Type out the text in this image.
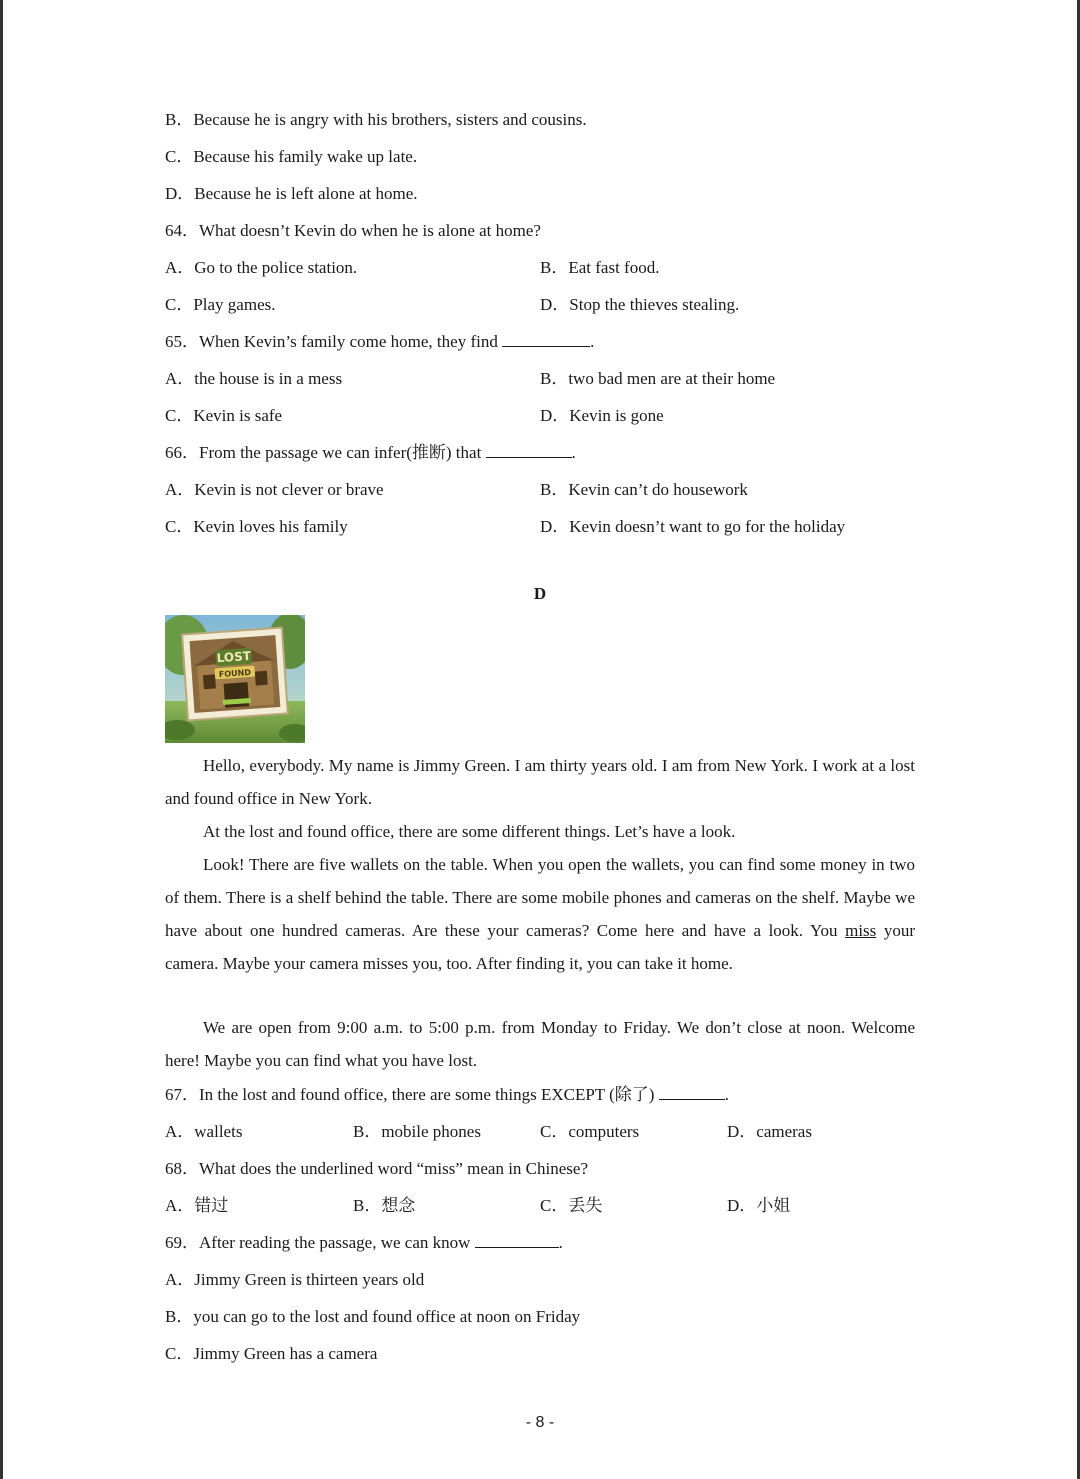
B．Because he is angry with his brothers, sisters and cousins.
C．Because his family wake up late.
D．Because he is left alone at home.
64．What doesn’t Kevin do when he is alone at home?
A．Go to the police station.	B．Eat fast food.
C．Play games.	D．Stop the thieves stealing.
65．When Kevin’s family come home, they find	.
A．the house is in a mess	B．two bad men are at their home
C．Kevin is safe	D．Kevin is gone
66．From the passage we can infer(推断) that	.
A．Kevin is not clever or brave	B．Kevin can’t do housework
C．Kevin loves his family	D．Kevin doesn’t want to go for the holiday
D
LOST
FOUND
Hello, everybody. My name is Jimmy Green. I am thirty years old. I am from New York. I work at a lost and found office in New York.
At the lost and found office, there are some different things. Let’s have a look.
Look! There are five wallets on the table. When you open the wallets, you can find some money in two of them. There is a shelf behind the table. There are some mobile phones and cameras on the shelf. Maybe we have about one hundred cameras. Are these your cameras? Come here and have a look. You miss your camera. Maybe your camera misses you, too. After finding it, you can take it home.
We are open from 9:00 a.m. to 5:00 p.m. from Monday to Friday. We don’t close at noon. Welcome here! Maybe you can find what you have lost.
67．In the lost and found office, there are some things EXCEPT (除了)	.
A．wallets	B．mobile phones	C．computers	D．cameras
68．What does the underlined word “miss” mean in Chinese?
A．错过	B．想念	C．丢失	D．小姐
69．After reading the passage, we can know	.
A．Jimmy Green is thirteen years old
B．you can go to the lost and found office at noon on Friday
C．Jimmy Green has a camera
- 8 -
